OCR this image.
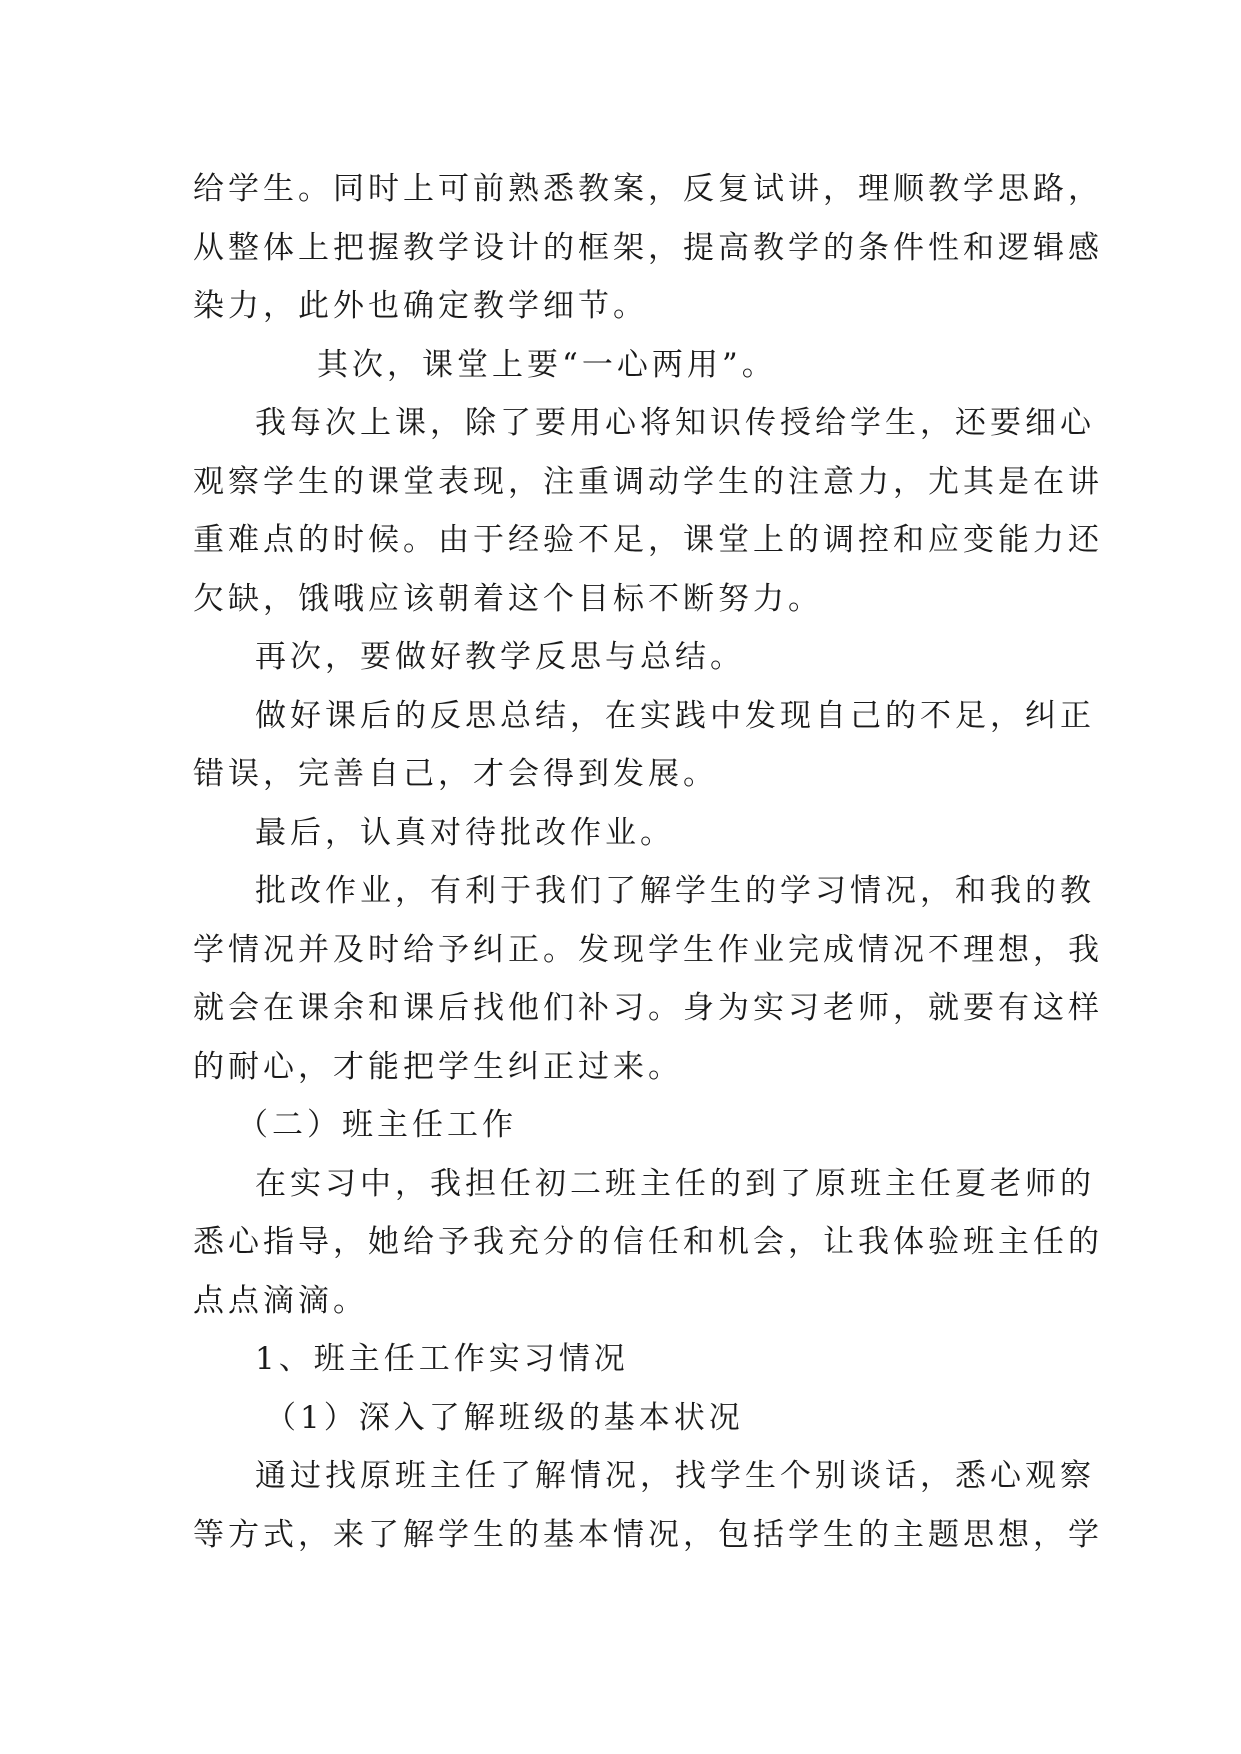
给学生。同时上可前熟悉教案，反复试讲，理顺教学思路，
从整体上把握教学设计的框架，提高教学的条件性和逻辑感
染力，此外也确定教学细节。
其次，课堂上要“一心两用”。
我每次上课，除了要用心将知识传授给学生，还要细心
观察学生的课堂表现，注重调动学生的注意力，尤其是在讲
重难点的时候。由于经验不足，课堂上的调控和应变能力还
欠缺，饿哦应该朝着这个目标不断努力。
再次，要做好教学反思与总结。
做好课后的反思总结，在实践中发现自己的不足，纠正
错误，完善自己，才会得到发展。
最后，认真对待批改作业。
批改作业，有利于我们了解学生的学习情况，和我的教
学情况并及时给予纠正。发现学生作业完成情况不理想，我
就会在课余和课后找他们补习。身为实习老师，就要有这样
的耐心，才能把学生纠正过来。
（二）班主任工作
在实习中，我担任初二班主任的到了原班主任夏老师的
悉心指导，她给予我充分的信任和机会，让我体验班主任的
点点滴滴。
1、班主任工作实习情况
（1）深入了解班级的基本状况
通过找原班主任了解情况，找学生个别谈话，悉心观察
等方式，来了解学生的基本情况，包括学生的主题思想，学
